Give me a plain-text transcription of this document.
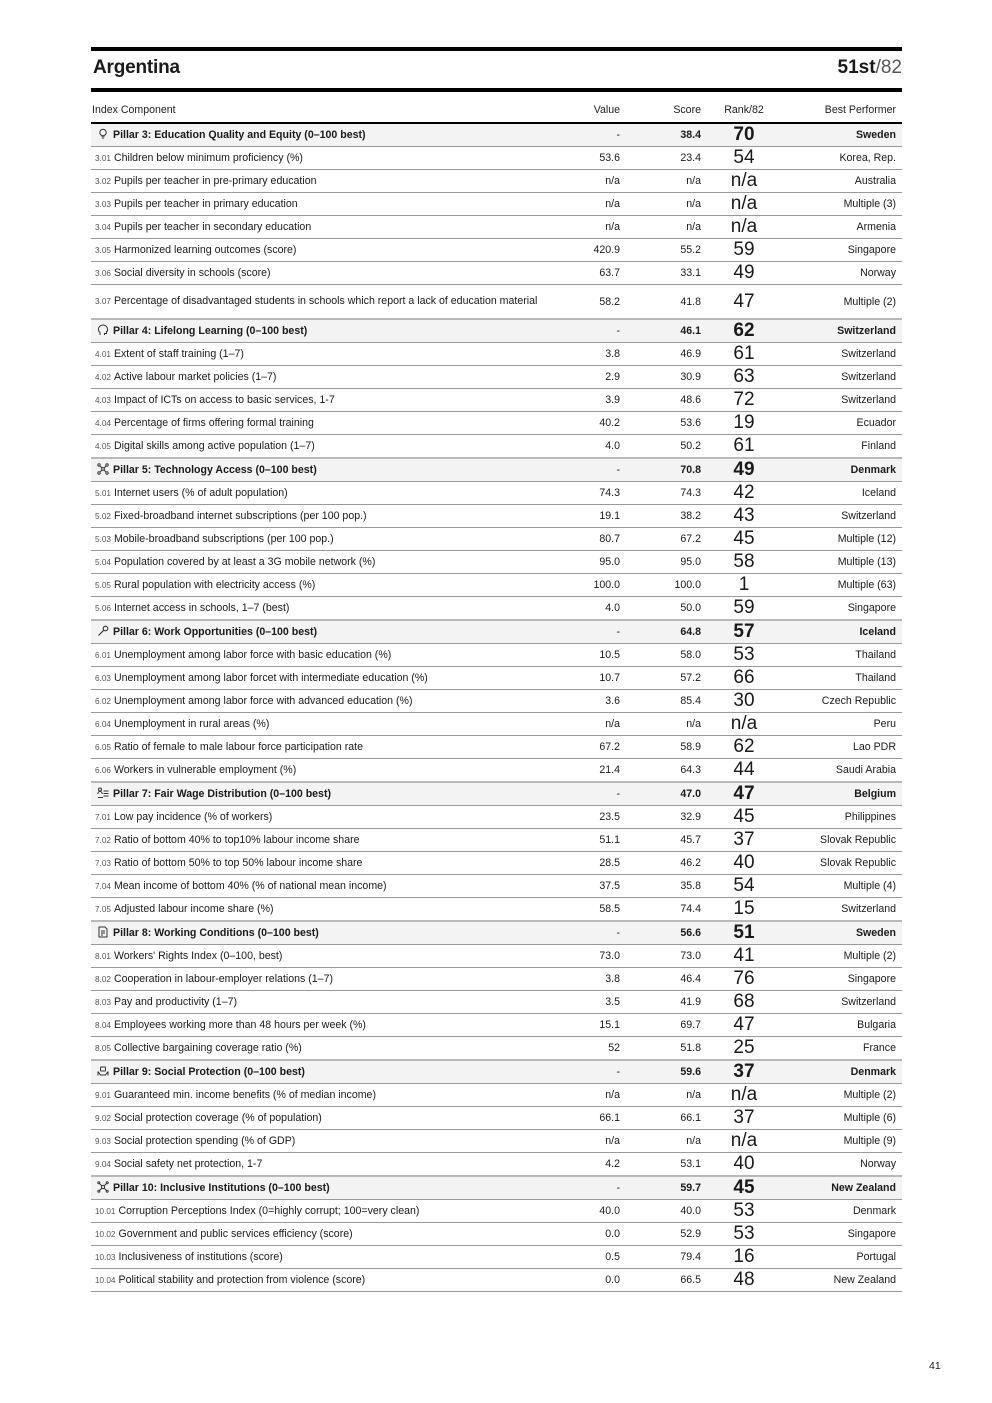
Argentina	51st/82
Index Component	Value	Score	Rank/82	Best Performer

Pillar 3: Education Quality and Equity (0–100 best)	-	38.4	70	Sweden
3.01 Children below minimum proficiency (%)	53.6	23.4	54	Korea, Rep.
3.02 Pupils per teacher in pre-primary education	n/a	n/a	n/a	Australia
3.03 Pupils per teacher in primary education	n/a	n/a	n/a	Multiple (3)
3.04 Pupils per teacher in secondary education	n/a	n/a	n/a	Armenia
3.05 Harmonized learning outcomes (score)	420.9	55.2	59	Singapore
3.06 Social diversity in schools (score)	63.7	33.1	49	Norway
3.07 Percentage of disadvantaged students in schools which report a lack of education material	58.2	41.8	47	Multiple (2)

Pillar 4: Lifelong Learning (0–100 best)	-	46.1	62	Switzerland
4.01 Extent of staff training (1–7)	3.8	46.9	61	Switzerland
4.02 Active labour market policies (1–7)	2.9	30.9	63	Switzerland
4.03 Impact of ICTs on access to basic services, 1-7	3.9	48.6	72	Switzerland
4.04 Percentage of firms offering formal training	40.2	53.6	19	Ecuador
4.05 Digital skills among active population (1–7)	4.0	50.2	61	Finland

Pillar 5: Technology Access (0–100 best)	-	70.8	49	Denmark
5.01 Internet users (% of adult population)	74.3	74.3	42	Iceland
5.02 Fixed-broadband internet subscriptions (per 100 pop.)	19.1	38.2	43	Switzerland
5.03 Mobile-broadband subscriptions (per 100 pop.)	80.7	67.2	45	Multiple (12)
5.04 Population covered by at least a 3G mobile network (%)	95.0	95.0	58	Multiple (13)
5.05 Rural population with electricity access (%)	100.0	100.0	1	Multiple (63)
5.06 Internet access in schools, 1–7 (best)	4.0	50.0	59	Singapore

Pillar 6: Work Opportunities (0–100 best)	-	64.8	57	Iceland
6.01 Unemployment among labor force with basic education (%)	10.5	58.0	53	Thailand
6.03 Unemployment among labor forcet with intermediate education (%)	10.7	57.2	66	Thailand
6.02 Unemployment among labor force with advanced education (%)	3.6	85.4	30	Czech Republic
6.04 Unemployment in rural areas (%)	n/a	n/a	n/a	Peru
6.05 Ratio of female to male labour force participation rate	67.2	58.9	62	Lao PDR
6.06 Workers in vulnerable employment (%)	21.4	64.3	44	Saudi Arabia

Pillar 7: Fair Wage Distribution (0–100 best)	-	47.0	47	Belgium
7.01 Low pay incidence (% of workers)	23.5	32.9	45	Philippines
7.02 Ratio of bottom 40% to top10% labour income share	51.1	45.7	37	Slovak Republic
7.03 Ratio of bottom 50% to top 50% labour income share	28.5	46.2	40	Slovak Republic
7.04 Mean income of bottom 40% (% of national mean income)	37.5	35.8	54	Multiple (4)
7.05 Adjusted labour income share (%)	58.5	74.4	15	Switzerland

Pillar 8: Working Conditions (0–100 best)	-	56.6	51	Sweden
8.01 Workers' Rights Index (0–100, best)	73.0	73.0	41	Multiple (2)
8.02 Cooperation in labour-employer relations (1–7)	3.8	46.4	76	Singapore
8.03 Pay and productivity (1–7)	3.5	41.9	68	Switzerland
8.04 Employees working more than 48 hours per week (%)	15.1	69.7	47	Bulgaria
8.05 Collective bargaining coverage ratio (%)	52	51.8	25	France

Pillar 9: Social Protection (0–100 best)	-	59.6	37	Denmark
9.01 Guaranteed min. income benefits (% of median income)	n/a	n/a	n/a	Multiple (2)
9.02 Social protection coverage (% of population)	66.1	66.1	37	Multiple (6)
9.03 Social protection spending (% of GDP)	n/a	n/a	n/a	Multiple (9)
9.04 Social safety net protection, 1-7	4.2	53.1	40	Norway

Pillar 10: Inclusive Institutions (0–100 best)	-	59.7	45	New Zealand
10.01 Corruption Perceptions Index (0=highly corrupt; 100=very clean)	40.0	40.0	53	Denmark
10.02 Government and public services efficiency (score)	0.0	52.9	53	Singapore
10.03 Inclusiveness of institutions (score)	0.5	79.4	16	Portugal
10.04 Political stability and protection from violence (score)	0.0	66.5	48	New Zealand
41
